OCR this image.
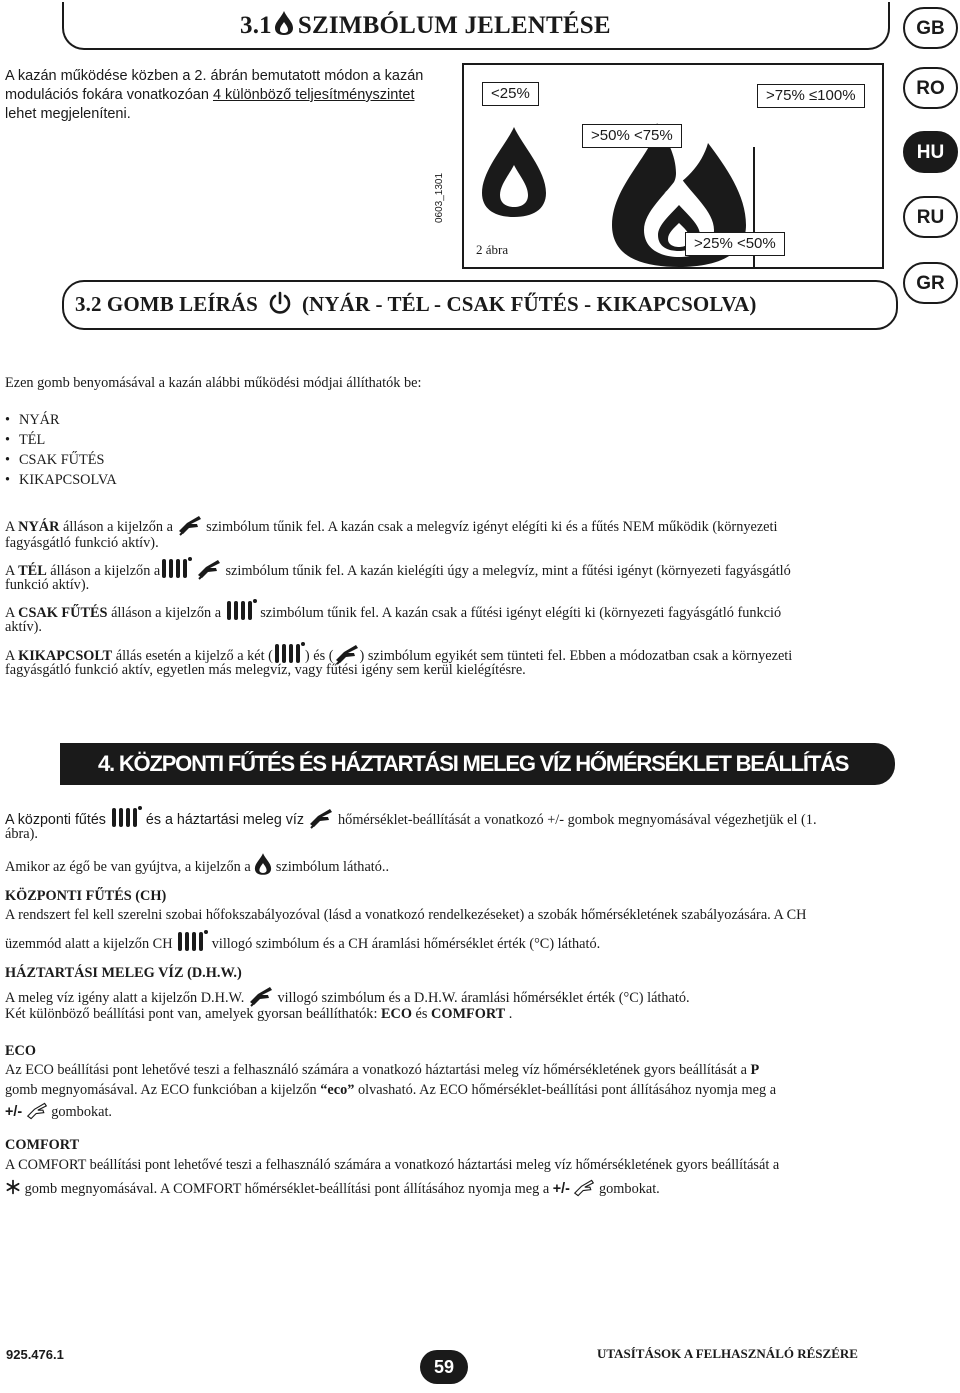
3.1 SZIMBÓLUM JELENTÉSE	GB
RO
HU
RU
GR
A kazán működése közben a 2. ábrán bemutatott módon a kazán
modulációs fokára vonatkozóan 4 különböző teljesítményszintet
lehet megjeleníteni.
0603_1301
<25%
>50% <75%
>75% ≤100%
>25% <50%
2 ábra
3.2 GOMB LEÍRÁS (NYÁR - TÉL - CSAK FŰTÉS - KIKAPCSOLVA)

Ezen gomb benyomásával a kazán alábbi működési módjai állíthatók be:

• NYÁR
• TÉL
• CSAK FŰTÉS
• KIKAPCSOLVA

A NYÁR álláson a kijelzőn a szimbólum tűnik fel. A kazán csak a melegvíz igényt elégíti ki és a fűtés NEM működik (környezeti

fagyásgátló funkció aktív).

A TÉL álláson a kijelzőn a	szimbólum tűnik fel. A kazán kielégíti úgy a melegvíz, mint a fűtési igényt (környezeti fagyásgátló

funkció aktív).

A CSAK FŰTÉS álláson a kijelzőn a	szimbólum tűnik fel. A kazán csak a fűtési igényt elégíti ki (környezeti fagyásgátló funkció

aktív).

A KIKAPCSOLT állás esetén a kijelző a két ( ) és ( ) szimbólum egyikét sem tünteti fel. Ebben a módozatban csak a környezeti

fagyásgátló funkció aktív, egyetlen más melegvíz, vagy fűtési igény sem kerül kielégítésre.

4. KÖZPONTI FŰTÉS ÉS HÁZTARTÁSI MELEG VÍZ HŐMÉRSÉKLET BEÁLLÍTÁS

A központi fűtés	és a háztartási meleg víz hőmérséklet-beállítását a vonatkozó +/- gombok megnyomásával végezhetjük el (1.

ábra).

Amikor az égő be van gyújtva, a kijelzőn a szimbólum látható..

KÖZPONTI FŰTÉS (CH)

A rendszert fel kell szerelni szobai hőfokszabályozóval (lásd a vonatkozó rendelkezéseket) a szobák hőmérsékletének szabályozására. A CH

üzemmód alatt a kijelzőn CH	villogó szimbólum és a CH áramlási hőmérséklet érték (°C) látható.

HÁZTARTÁSI MELEG VÍZ (D.H.W.)

A meleg víz igény alatt a kijelzőn D.H.W. villogó szimbólum és a D.H.W. áramlási hőmérséklet érték (°C) látható.

Két különböző beállítási pont van, amelyek gyorsan beállíthatók: ECO és COMFORT .

ECO

Az ECO beállítási pont lehetővé teszi a felhasználó számára a vonatkozó háztartási meleg víz hőmérsékletének gyors beállítását a P

gomb megnyomásával. Az ECO funkcióban a kijelzőn “eco” olvasható. Az ECO hőmérséklet-beállítási pont állításához nyomja meg a

+/- gombokat.

COMFORT

A COMFORT beállítási pont lehetővé teszi a felhasználó számára a vonatkozó háztartási meleg víz hőmérsékletének gyors beállítását a

gomb megnyomásával. A COMFORT hőmérséklet-beállítási pont állításához nyomja meg a +/- gombokat.

925.476.1
59
UTASÍTÁSOK A FELHASZNÁLÓ RÉSZÉRE
